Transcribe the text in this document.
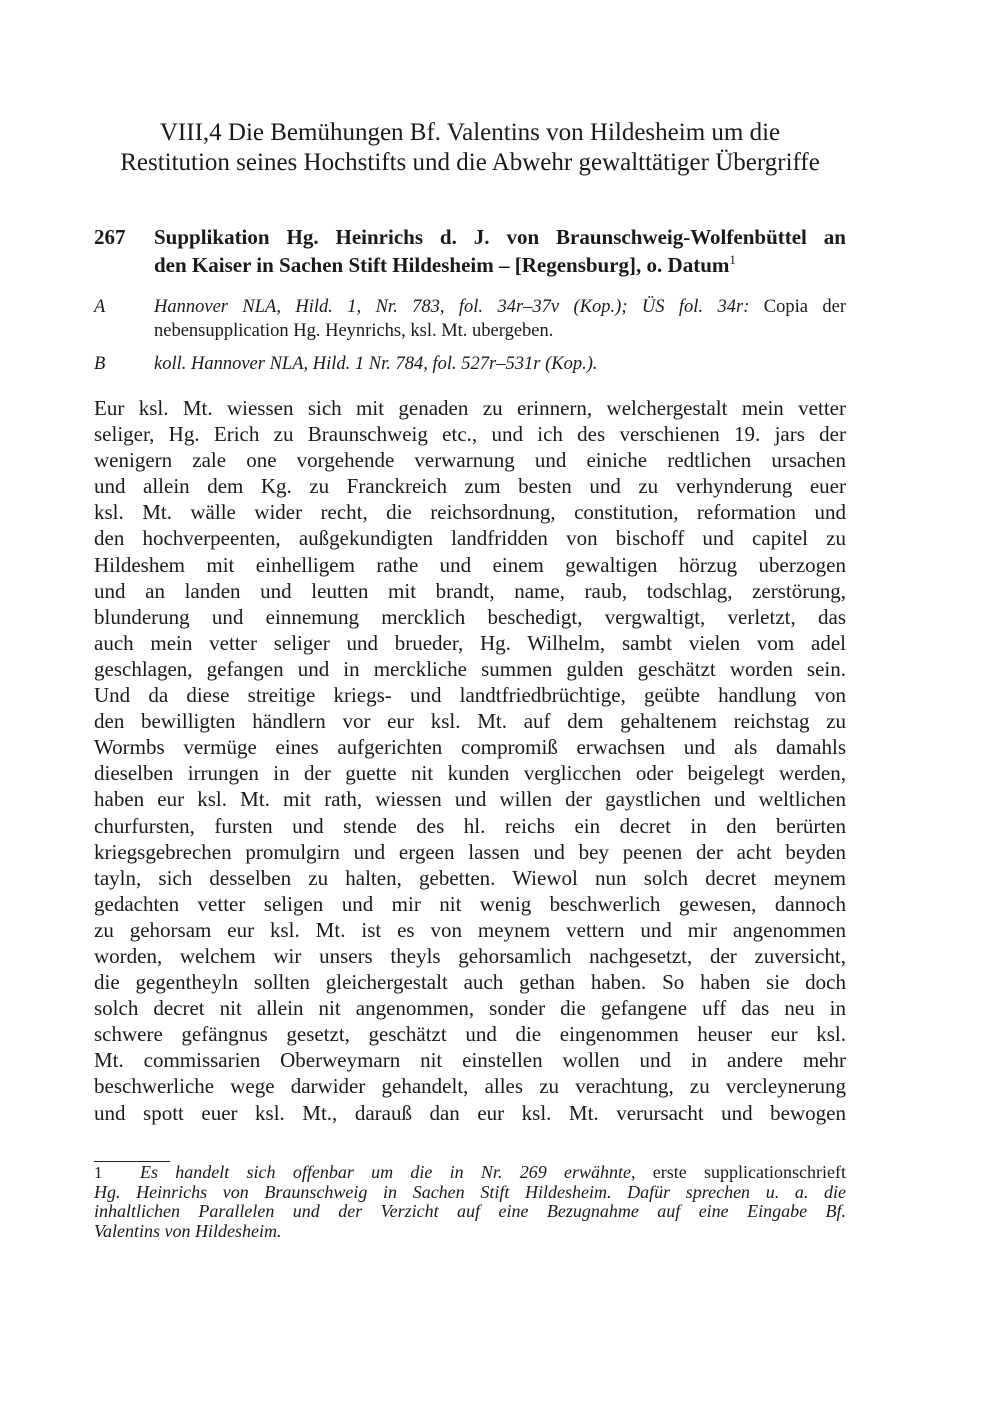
VIII,4 Die Bemühungen Bf. Valentins von Hildesheim um die
Restitution seines Hochstifts und die Abwehr gewalttätiger Übergriffe
267 Supplikation Hg. Heinrichs d. J. von Braunschweig-Wolfenbüttel an
den Kaiser in Sachen Stift Hildesheim – [Regensburg], o. Datum$^1$
A	Hannover NLA, Hild. 1, Nr. 783, fol. 34r–37v (Kop.); ÜS fol. 34r: Copia der
nebensupplication Hg. Heynrichs, ksl. Mt. ubergeben.
B	koll. Hannover NLA, Hild. 1 Nr. 784, fol. 527r–531r (Kop.).
Eur ksl. Mt. wiessen sich mit genaden zu erinnern, welchergestalt mein vetter
seliger, Hg. Erich zu Braunschweig etc., und ich des verschienen 19. jars der
wenigern zale one vorgehende verwarnung und einiche redtlichen ursachen
und allein dem Kg. zu Franckreich zum besten und zu verhynderung euer
ksl. Mt. wälle wider recht, die reichsordnung, constitution, reformation und
den hochverpeenten, außgekundigten landfridden von bischoff und capitel zu
Hildeshem mit einhelligem rathe und einem gewaltigen hörzug uberzogen
und an landen und leutten mit brandt, name, raub, todschlag, zerstörung,
blunderung und einnemung mercklich beschedigt, vergwaltigt, verletzt, das
auch mein vetter seliger und brueder, Hg. Wilhelm, sambt vielen vom adel
geschlagen, gefangen und in merckliche summen gulden geschätzt worden sein.
Und da diese streitige kriegs- und landtfriedbrüchtige, geübte handlung von
den bewilligten händlern vor eur ksl. Mt. auf dem gehaltenem reichstag zu
Wormbs vermüge eines aufgerichten compromiß erwachsen und als damahls
dieselben irrungen in der guette nit kunden verglicchen oder beigelegt werden,
haben eur ksl. Mt. mit rath, wiessen und willen der gaystlichen und weltlichen
churfursten, fursten und stende des hl. reichs ein decret in den berürten
kriegsgebrechen promulgirn und ergeen lassen und bey peenen der acht beyden
tayln, sich desselben zu halten, gebetten. Wiewol nun solch decret meynem
gedachten vetter seligen und mir nit wenig beschwerlich gewesen, dannoch
zu gehorsam eur ksl. Mt. ist es von meynem vettern und mir angenommen
worden, welchem wir unsers theyls gehorsamlich nachgesetzt, der zuversicht,
die gegentheyln sollten gleichergestalt auch gethan haben. So haben sie doch
solch decret nit allein nit angenommen, sonder die gefangene uff das neu in
schwere gefängnus gesetzt, geschätzt und die eingenommen heuser eur ksl.
Mt. commissarien Oberweymarn nit einstellen wollen und in andere mehr
beschwerliche wege darwider gehandelt, alles zu verachtung, zu vercleynerung
und spott euer ksl. Mt., darauß dan eur ksl. Mt. verursacht und bewogen
1 Es handelt sich offenbar um die in Nr. 269 erwähnte, erste supplicationschrieft
Hg. Heinrichs von Braunschweig in Sachen Stift Hildesheim. Dafür sprechen u. a. die
inhaltlichen Parallelen und der Verzicht auf eine Bezugnahme auf eine Eingabe Bf.
Valentins von Hildesheim.
